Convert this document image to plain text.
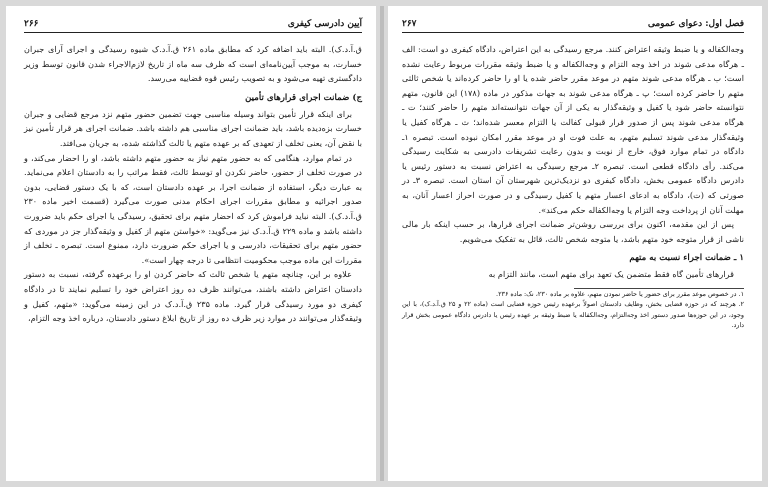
۲۶۶	آیین دادرسی کیفری

ق.آ.د.ک). البته باید اضافه کرد که مطابق ماده ۲۶۱ ق.آ.د.ک شیوه رسیدگی و اجرای آرای جبران خسارت، به موجب آیین‌نامه‌ای است که ظرف سه ماه از تاریخ لازم‌الاجراء شدن قانون توسط وزیر دادگستری تهیه می‌شود و به تصویب رئیس قوه قضاییه می‌رسد.

ج) ضمانت اجرای قرارهای تأمین

برای اینکه قرار تأمین بتواند وسیله مناسبی جهت تضمین حضور متهم نزد مرجع قضایی و جبران خسارت بزه‌دیده باشد، باید ضمانت اجرای مناسبی هم داشته باشد. ضمانت اجرای هر قرار تأمین نیز با نقض آن، یعنی تخلف از تعهدی که بر عهده متهم یا ثالث گذاشته شده، به جریان می‌افتد.

در تمام موارد، هنگامی که به حضور متهم نیاز به حضور متهم داشته باشد، او را احضار می‌کند، و در صورت تخلف از حضور، حاضر نکردن او توسط ثالث، فقط مراتب را به دادستان اعلام می‌نماید. به عبارت دیگر، استفاده از ضمانت اجرا، بر عهده دادستان است، که با یک دستور قضایی، بدون صدور اجرائیه و مطابق مقررات اجرای احکام مدنی صورت می‌گیرد (قسمت اخیر ماده ۲۳۰ ق.آ.د.ک). البته نباید فراموش کرد که احضار متهم برای تحقیق، رسیدگی یا اجرای حکم باید ضرورت داشته باشد و ماده ۲۲۹ ق.آ.د.ک نیز می‌گوید: «خواستن متهم از کفیل و وثیقه‌گذار جز در موردی که حضور متهم برای تحقیقات، دادرسی و یا اجرای حکم ضرورت دارد، ممنوع است. تبصره ـ تخلف از مقررات این ماده موجب محکومیت انتظامی تا درجه چهار است».

علاوه بر این، چنانچه متهم یا شخص ثالث که حاضر کردن او را برعهده گرفته، نسبت به دستور دادستان اعتراض داشته باشند، می‌توانند ظرف ده روز اعتراض خود را تسلیم نمایند تا در دادگاه کیفری دو مورد رسیدگی قرار گیرد. ماده ۲۳۵ ق.آ.د.ک در این زمینه می‌گوید: «متهم، کفیل و وثیقه‌گذار می‌توانند در موارد زیر ظرف ده روز از تاریخ ابلاغ دستور دادستان، درباره اخذ وجه التزام،

۲۶۷	فصل اول: دعوای عمومی

وجه‌الکفاله و یا ضبط وثیقه اعتراض کنند. مرجع رسیدگی به این اعتراض، دادگاه کیفری دو است: الف ـ هرگاه مدعی شوند در اخذ وجه التزام و وجه‌الکفاله و یا ضبط وثیقه مقررات مربوط رعایت نشده است؛ ب ـ هرگاه مدعی شوند متهم در موعد مقرر حاضر شده یا او را حاضر کرده‌اند یا شخص ثالثی متهم را حاضر کرده است؛ پ ـ هرگاه مدعی شوند به جهات مذکور در ماده (۱۷۸) این قانون، متهم نتوانسته حاضر شود یا کفیل و وثیقه‌گذار به یکی از آن جهات نتوانسته‌اند متهم را حاضر کنند؛ ت ـ هرگاه مدعی شوند پس از صدور قرار قبولی کفالت یا التزام معسر شده‌اند؛ ث ـ هرگاه کفیل یا وثیقه‌گذار مدعی شوند تسلیم متهم، به علت فوت او در موعد مقرر امکان نبوده است. تبصره ۱ـ دادگاه در تمام موارد فوق، خارج از نوبت و بدون رعایت تشریفات دادرسی به شکایت رسیدگی می‌کند. رأی دادگاه قطعی است. تبصره ۲ـ مرجع رسیدگی به اعتراض نسبت به دستور رئیس یا دادرس دادگاه عمومی بخش، دادگاه کیفری دو نزدیک‌ترین شهرستان آن استان است. تبصره ۳ـ در صورتی که (ت)، دادگاه به ادعای اعسار متهم یا کفیل رسیدگی و در صورت احراز اعسار آنان، به مهلت آنان از پرداخت وجه التزام یا وجه‌الکفاله حکم می‌کند».

پس از این مقدمه، اکنون برای بررسی روشن‌تر ضمانت اجرای قرارها، بر حسب اینکه بار مالی ناشی از قرار متوجه خود متهم باشد، یا متوجه شخص ثالث، قائل به تفکیک می‌شویم.

۱ ـ ضمانت اجراء نسبت به متهم

قرارهای تأمین گاه فقط متضمن یک تعهد برای متهم است، مانند التزام به

۱. در خصوص موعد مقرر برای حضور یا حاضر نمودن متهم، علاوه بر ماده ۲۳۰، نک: ماده ۲۳۶.

۲. هرچند که در حوزه قضایی بخش، وظایف دادستان اصولاً برعهده رئیس حوزه قضایی است (ماده ۲۲ و ۲۵ ق.آ.د.ک)، با این وجود، در این حوزه‌ها صدور دستور اخذ وجه‌التزام، وجه‌الکفاله یا ضبط وثیقه بر عهده رئیس یا دادرس دادگاه عمومی بخش قرار دارد.
